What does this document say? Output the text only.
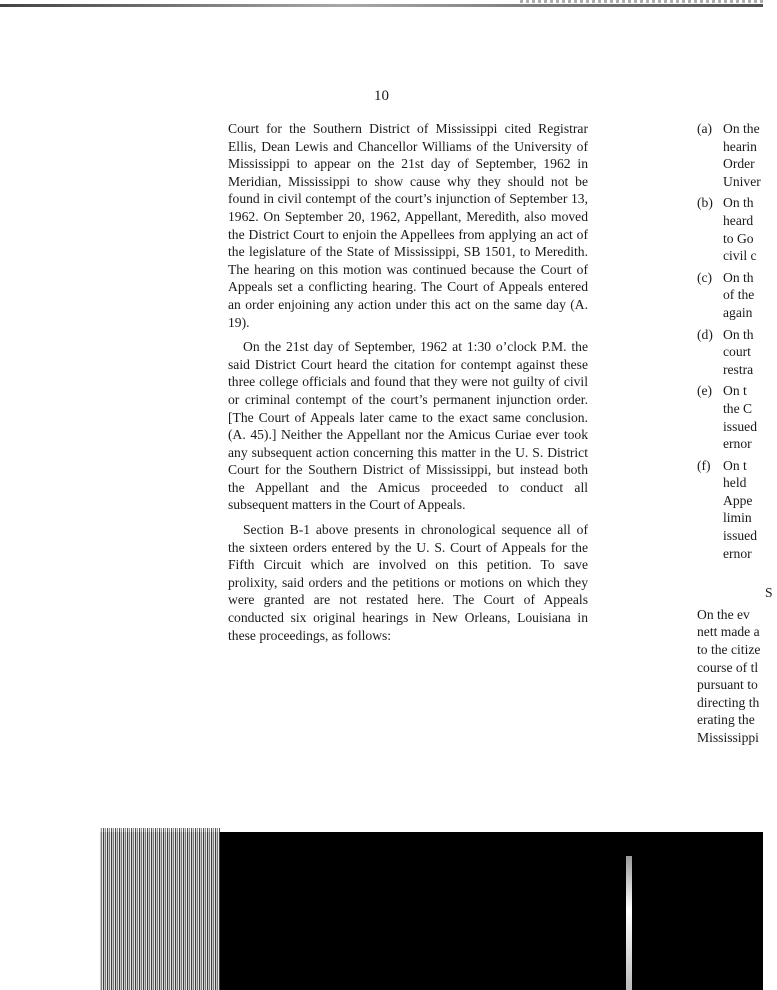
10

Court for the Southern District of Mississippi cited Registrar Ellis, Dean Lewis and Chancellor Williams of the University of Mississippi to appear on the 21st day of September, 1962 in Meridian, Mississippi to show cause why they should not be found in civil contempt of the court’s injunction of September 13, 1962. On September 20, 1962, Appellant, Meredith, also moved the District Court to enjoin the Appellees from applying an act of the legislature of the State of Mississippi, SB 1501, to Meredith. The hearing on this motion was continued because the Court of Appeals set a conflicting hearing. The Court of Appeals entered an order enjoining any action under this act on the same day (A. 19).

On the 21st day of September, 1962 at 1:30 o’clock P.M. the said District Court heard the citation for contempt against these three college officials and found that they were not guilty of civil or criminal contempt of the court’s permanent injunction order. [The Court of Appeals later came to the exact same conclusion. (A. 45).] Neither the Appellant nor the Amicus Curiae ever took any subsequent action concerning this matter in the U. S. District Court for the Southern District of Mississippi, but instead both the Appellant and the Amicus proceeded to conduct all subsequent matters in the Court of Appeals.

Section B-1 above presents in chronological sequence all of the sixteen orders entered by the U. S. Court of Appeals for the Fifth Circuit which are involved on this petition. To save prolixity, said orders and the petitions or motions on which they were granted are not restated here. The Court of Appeals conducted six original hearings in New Orleans, Louisiana in these proceedings, as follows:

(a) On the
hearin
Order
Univer
(b) On th
heard
to Go
civil c
(c) On th
of the
again
(d) On th
court
restra
(e) On t
the C
issued
ernor
(f) On t
held
Appe
limin
issued
ernor
S
On the ev
nett made a
to the citize
course of tl
pursuant to
directing th
erating the
Mississippi
